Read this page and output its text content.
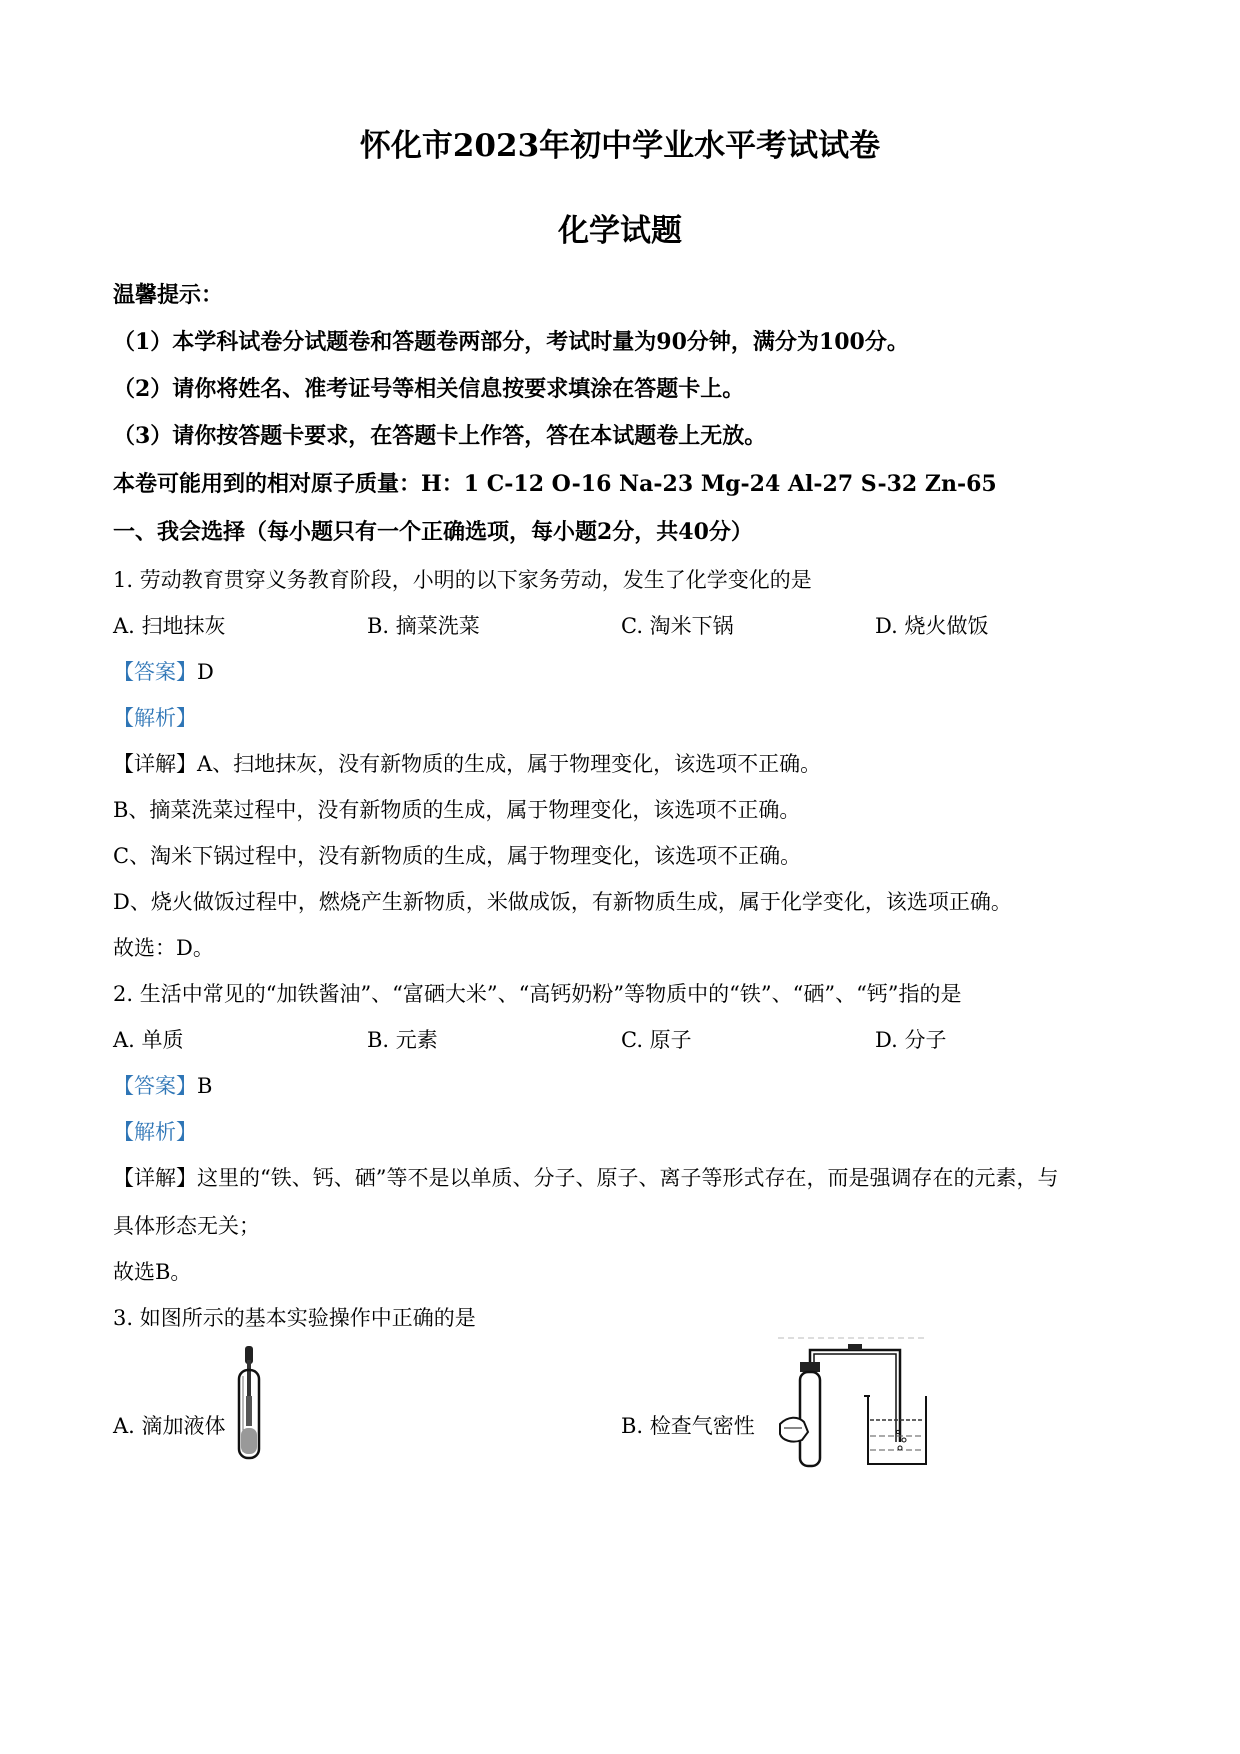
怀化市2023年初中学业水平考试试卷
化学试题
温馨提示：
（1）本学科试卷分试题卷和答题卷两部分，考试时量为90分钟，满分为100分。
（2）请你将姓名、准考证号等相关信息按要求填涂在答题卡上。
（3）请你按答题卡要求，在答题卡上作答，答在本试题卷上无放。
本卷可能用到的相对原子质量：H：1 C-12 O-16 Na-23 Mg-24 Al-27 S-32 Zn-65
一、我会选择（每小题只有一个正确选项，每小题2分，共40分）
1. 劳动教育贯穿义务教育阶段，小明的以下家务劳动，发生了化学变化的是
A. 扫地抹灰	B. 摘菜洗菜	C. 淘米下锅	D. 烧火做饭
【答案】D
【解析】
【详解】A、扫地抹灰，没有新物质的生成，属于物理变化，该选项不正确。
B、摘菜洗菜过程中，没有新物质的生成，属于物理变化，该选项不正确。
C、淘米下锅过程中，没有新物质的生成，属于物理变化，该选项不正确。
D、烧火做饭过程中，燃烧产生新物质，米做成饭，有新物质生成，属于化学变化，该选项正确。
故选：D。
2. 生活中常见的“加铁酱油”、“富硒大米”、“高钙奶粉”等物质中的“铁”、“硒”、“钙”指的是
A. 单质	B. 元素	C. 原子	D. 分子
【答案】B
【解析】
【详解】这里的“铁、钙、硒”等不是以单质、分子、原子、离子等形式存在，而是强调存在的元素，与
具体形态无关；
故选B。
3. 如图所示的基本实验操作中正确的是
A. 滴加液体	B. 检查气密性
